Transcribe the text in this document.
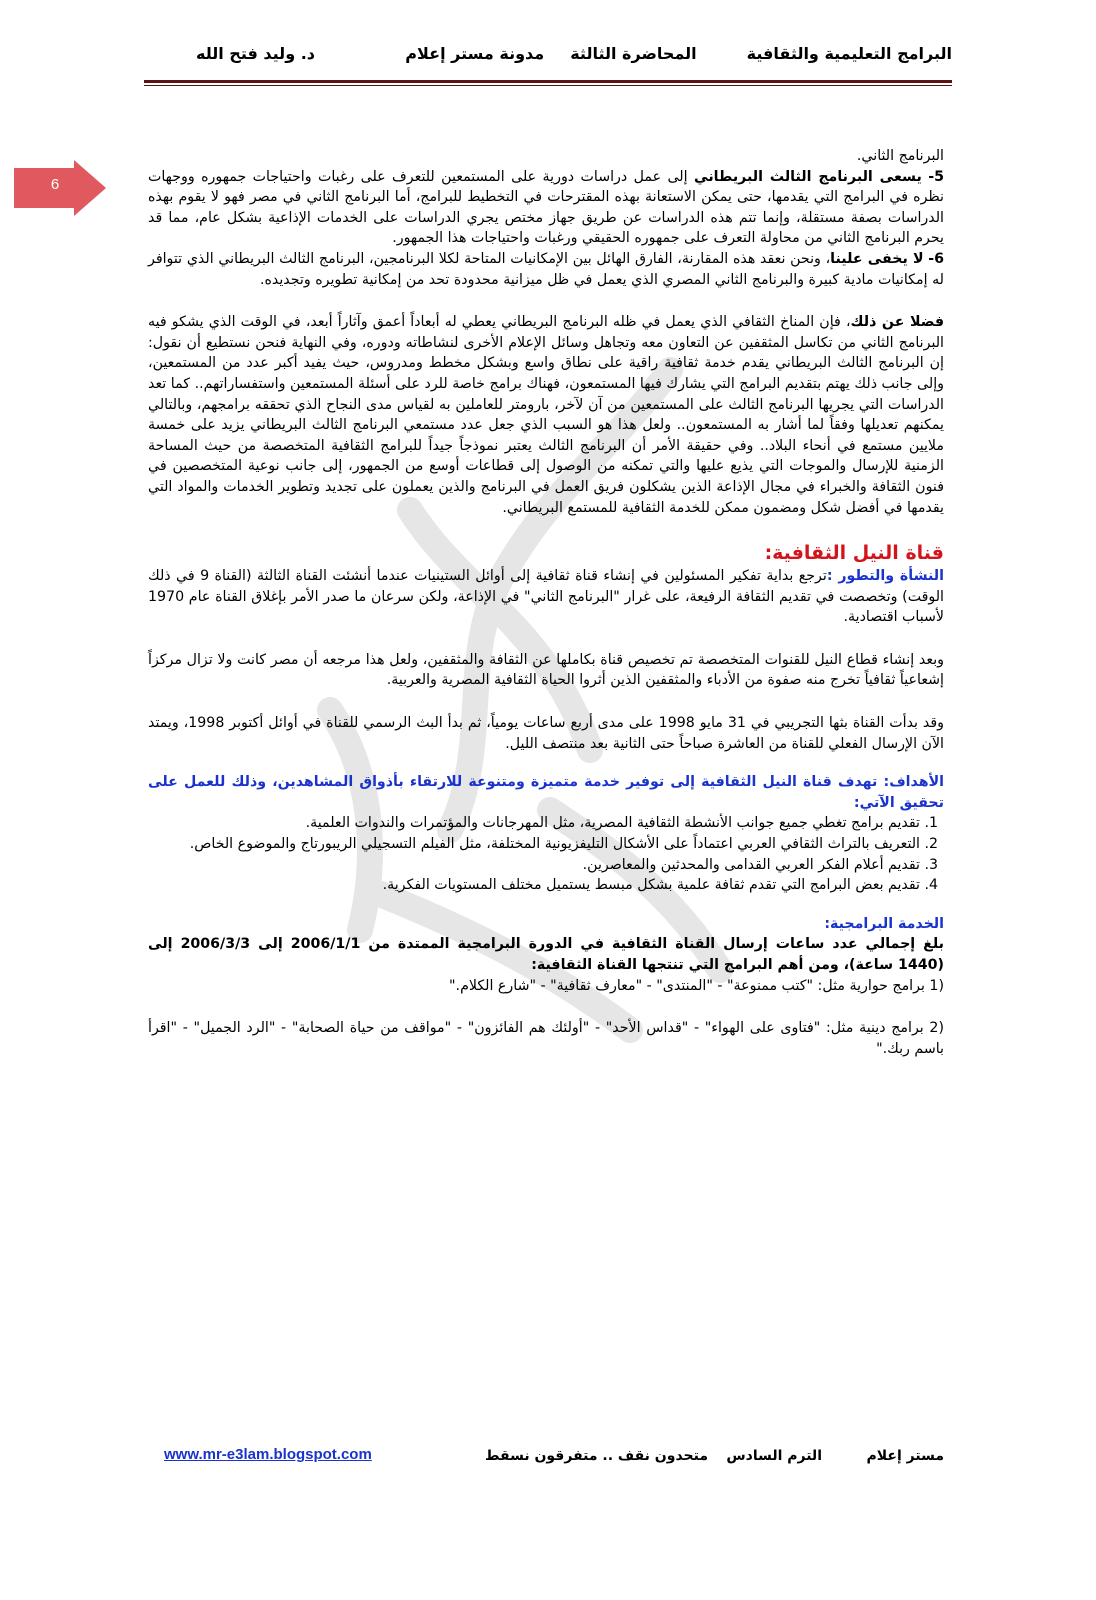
البرامج التعليمية والثقافية
المحاضرة الثالثة
مدونة مستر إعلام
د. وليد فتح الله
6

البرنامج الثاني.

5- يسعى البرنامج الثالث البريطاني إلى عمل دراسات دورية على المستمعين للتعرف على رغبات واحتياجات جمهوره ووجهات نظره في البرامج التي يقدمها، حتى يمكن الاستعانة بهذه المقترحات في التخطيط للبرامج، أما البرنامج الثاني في مصر فهو لا يقوم بهذه الدراسات بصفة مستقلة، وإنما تتم هذه الدراسات عن طريق جهاز مختص يجري الدراسات على الخدمات الإذاعية بشكل عام، مما قد يحرم البرنامج الثاني من محاولة التعرف على جمهوره الحقيقي ورغبات واحتياجات هذا الجمهور.

6- لا يخفى علينا، ونحن نعقد هذه المقارنة، الفارق الهائل بين الإمكانيات المتاحة لكلا البرنامجين، البرنامج الثالث البريطاني الذي تتوافر له إمكانيات مادية كبيرة والبرنامج الثاني المصري الذي يعمل في ظل ميزانية محدودة تحد من إمكانية تطويره وتجديده.

فضلا عن ذلك، فإن المناخ الثقافي الذي يعمل في ظله البرنامج البريطاني يعطي له أبعاداً أعمق وآثاراً أبعد، في الوقت الذي يشكو فيه البرنامج الثاني من تكاسل المثقفين عن التعاون معه وتجاهل وسائل الإعلام الأخرى لنشاطاته ودوره، وفي النهاية فنحن نستطيع أن نقول: إن البرنامج الثالث البريطاني يقدم خدمة ثقافية راقية على نطاق واسع وبشكل مخطط ومدروس، حيث يفيد أكبر عدد من المستمعين، وإلى جانب ذلك يهتم بتقديم البرامج التي يشارك فيها المستمعون، فهناك برامج خاصة للرد على أسئلة المستمعين واستفساراتهم.. كما تعد الدراسات التي يجريها البرنامج الثالث على المستمعين من آن لآخر، بارومتر للعاملين به لقياس مدى النجاح الذي تحققه برامجهم، وبالتالي يمكنهم تعديلها وفقاً لما أشار به المستمعون.. ولعل هذا هو السبب الذي جعل عدد مستمعي البرنامج الثالث البريطاني يزيد على خمسة ملايين مستمع في أنحاء البلاد.. وفي حقيقة الأمر أن البرنامج الثالث يعتبر نموذجاً جيداً للبرامج الثقافية المتخصصة من حيث المساحة الزمنية للإرسال والموجات التي يذيع عليها والتي تمكنه من الوصول إلى قطاعات أوسع من الجمهور، إلى جانب نوعية المتخصصين في فنون الثقافة والخبراء في مجال الإذاعة الذين يشكلون فريق العمل في البرنامج والذين يعملون على تجديد وتطوير الخدمات والمواد التي يقدمها في أفضل شكل ومضمون ممكن للخدمة الثقافية للمستمع البريطاني.

قناة النيل الثقافية:

النشأة والتطور :ترجع بداية تفكير المسئولين في إنشاء قناة ثقافية إلى أوائل الستينيات عندما أنشئت القناة الثالثة (القناة 9 في ذلك الوقت) وتخصصت في تقديم الثقافة الرفيعة، على غرار "البرنامج الثاني" في الإذاعة، ولكن سرعان ما صدر الأمر بإغلاق القناة عام 1970 لأسباب اقتصادية.

وبعد إنشاء قطاع النيل للقنوات المتخصصة تم تخصيص قناة بكاملها عن الثقافة والمثقفين، ولعل هذا مرجعه أن مصر كانت ولا تزال مركزاً إشعاعياً ثقافياً تخرج منه صفوة من الأدباء والمثقفين الذين أثروا الحياة الثقافية المصرية والعربية.

وقد بدأت القناة بثها التجريبي في 31 مايو 1998 على مدى أربع ساعات يومياً، ثم بدأ البث الرسمي للقناة في أوائل أكتوبر 1998، ويمتد الآن الإرسال الفعلي للقناة من العاشرة صباحاً حتى الثانية بعد منتصف الليل.

الأهداف: تهدف قناة النيل الثقافية إلى توفير خدمة متميزة ومتنوعة للارتقاء بأذواق المشاهدين، وذلك للعمل على تحقيق الآتي:

1. تقديم برامج تغطي جميع جوانب الأنشطة الثقافية المصرية، مثل المهرجانات والمؤتمرات والندوات العلمية.
2. التعريف بالتراث الثقافي العربي اعتماداً على الأشكال التليفزيونية المختلفة، مثل الفيلم التسجيلي الريبورتاج والموضوع الخاص.
3. تقديم أعلام الفكر العربي القدامى والمحدثين والمعاصرين.
4. تقديم بعض البرامج التي تقدم ثقافة علمية بشكل مبسط يستميل مختلف المستويات الفكرية.

الخدمة البرامجية:

بلغ إجمالي عدد ساعات إرسال القناة الثقافية في الدورة البرامجية الممتدة من 2006/1/1 إلى 2006/3/3 إلى (1440 ساعة)، ومن أهم البرامج التي تنتجها القناة الثقافية:

(1 برامج حوارية مثل: "كتب ممنوعة" - "المنتدى" - "معارف ثقافية" - "شارع الكلام."

(2 برامج دينية مثل: "فتاوى على الهواء" - "قداس الأحد" - "أولئك هم الفائزون" - "مواقف من حياة الصحابة" - "الرد الجميل" - "اقرأ باسم ربك."

مستر إعلام
الترم السادس
متحدون نقف .. متفرقون نسقط
www.mr-e3lam.blogspot.com
